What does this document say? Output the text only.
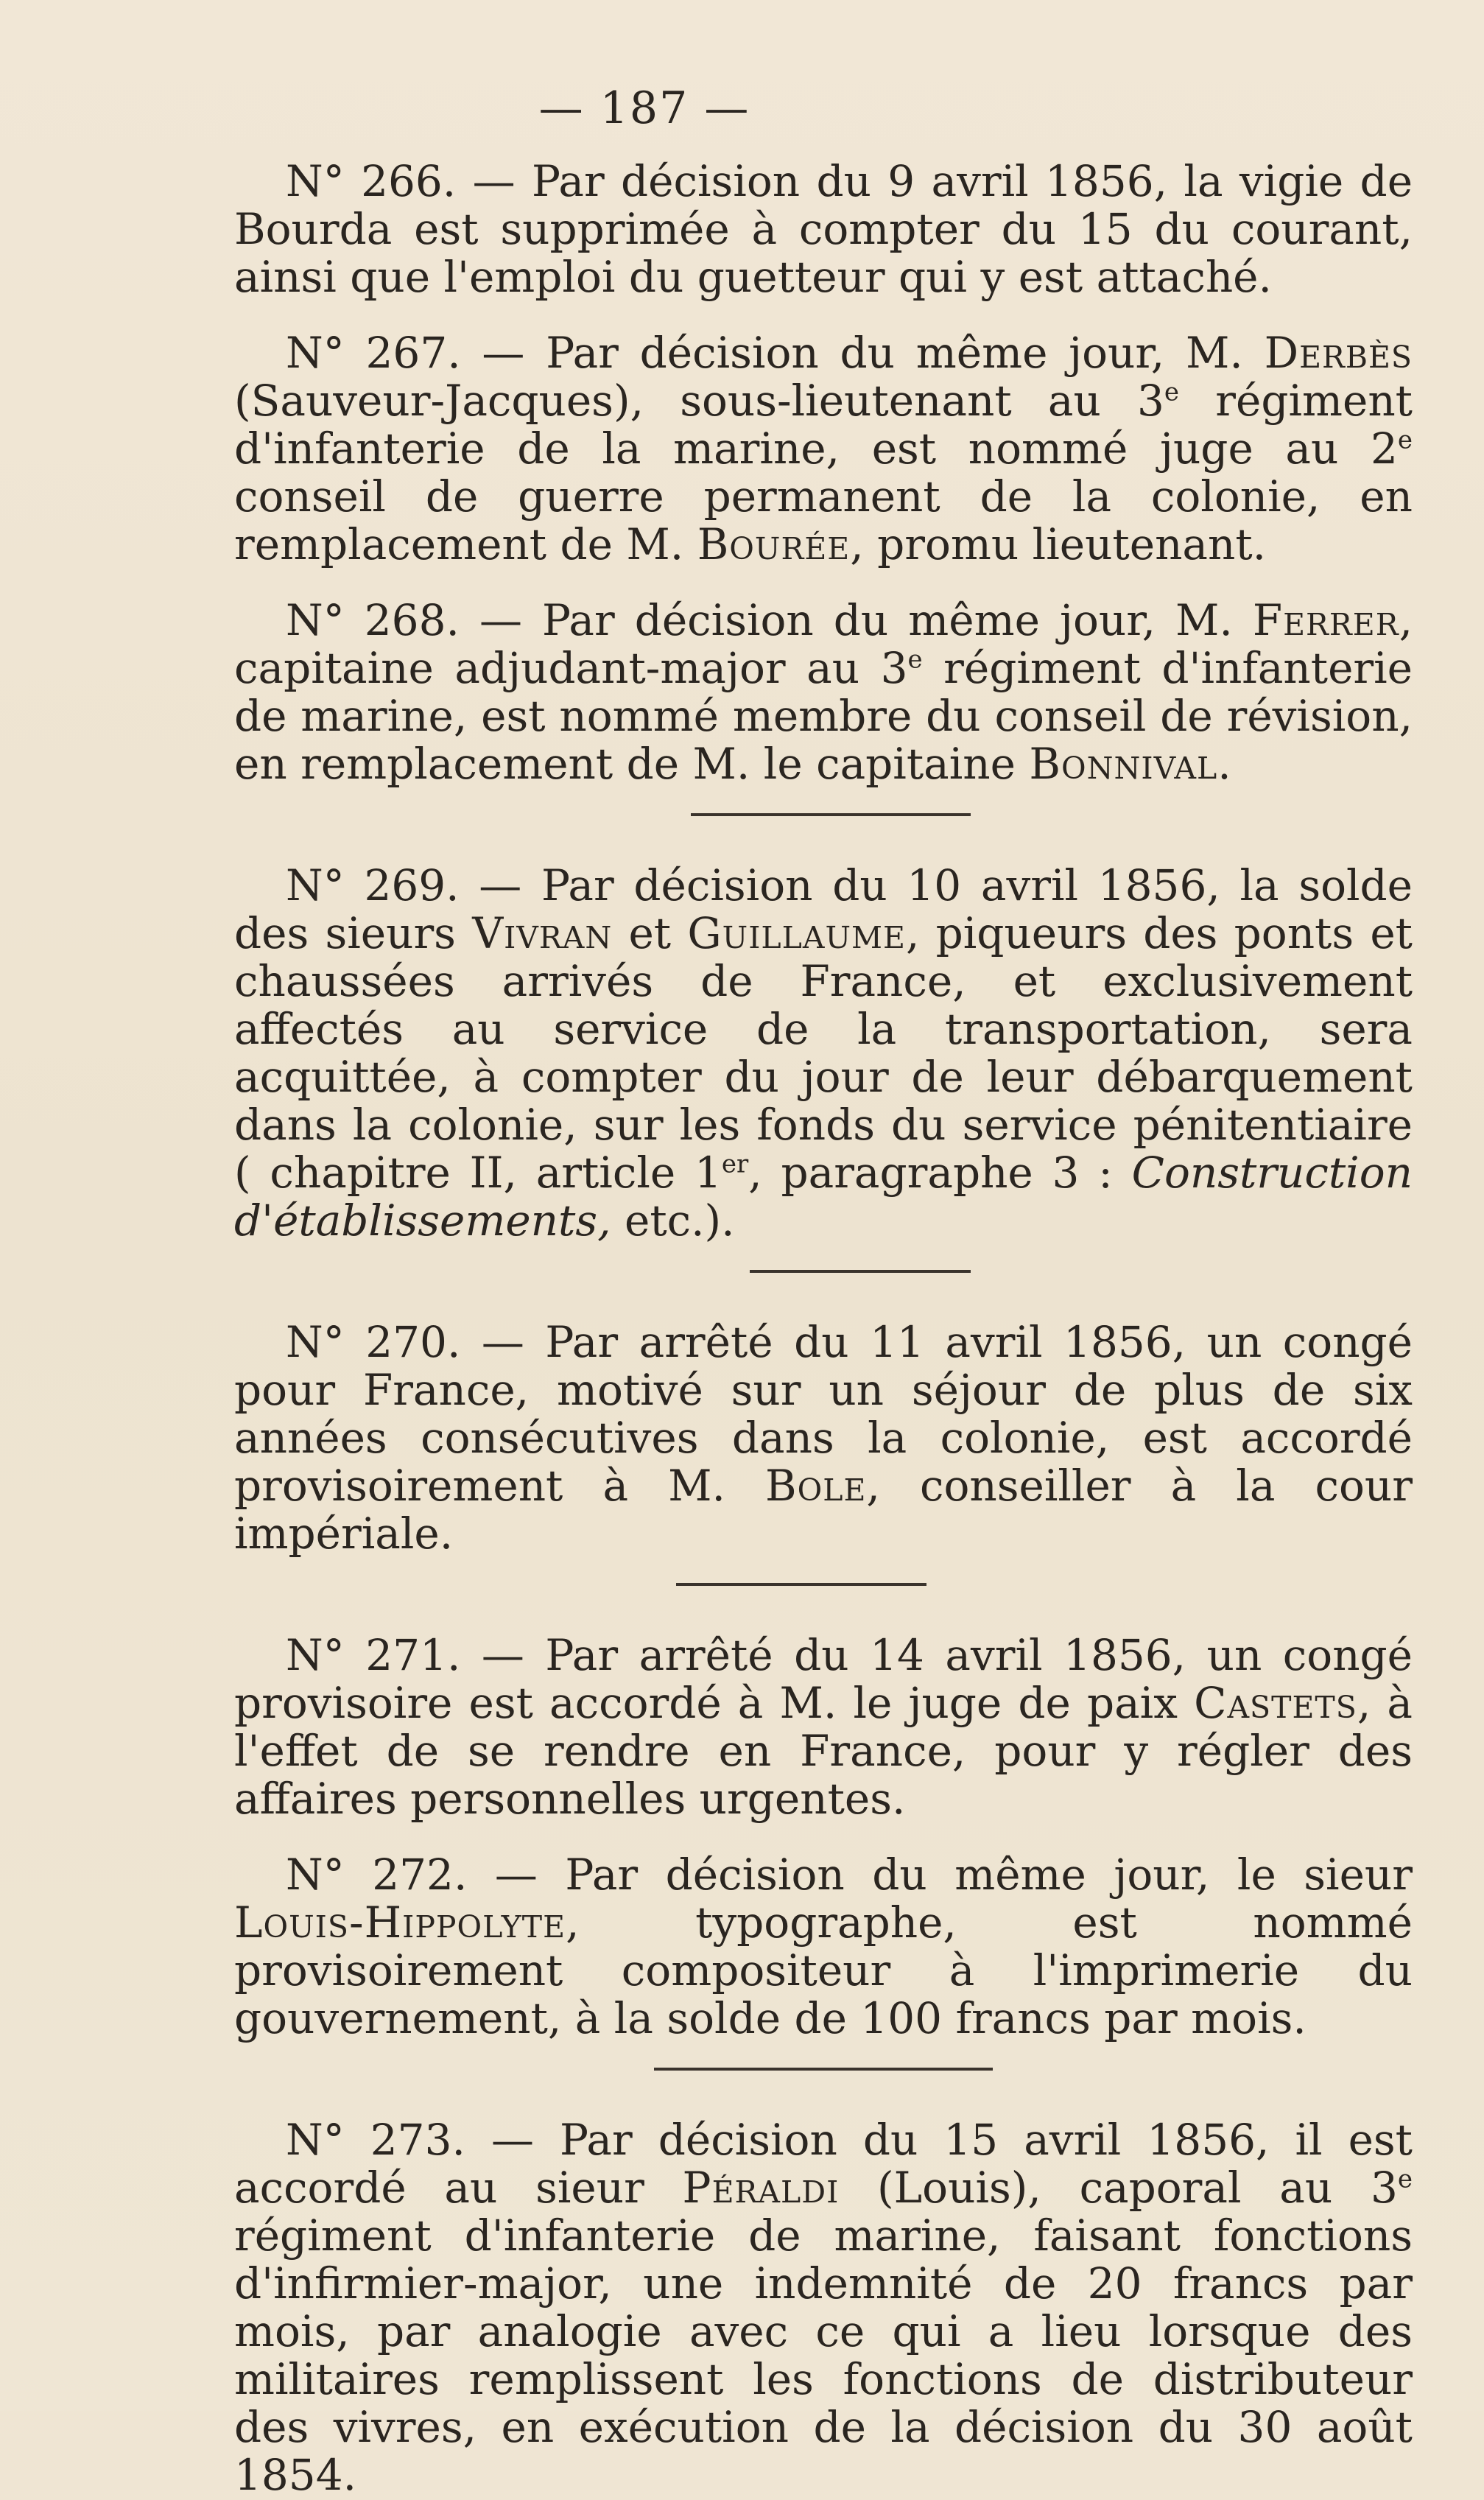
— 187 —

N° 266. — Par décision du 9 avril 1856, la vigie de Bourda est supprimée à compter du 15 du courant, ainsi que l'emploi du guetteur qui y est attaché.

N° 267. — Par décision du même jour, M. Derbès (Sauveur-Jacques), sous-lieutenant au 3e régiment d'infanterie de la marine, est nommé juge au 2e conseil de guerre permanent de la colonie, en remplacement de M. Bourée, promu lieutenant.

N° 268. — Par décision du même jour, M. Ferrer, capitaine adjudant-major au 3e régiment d'infanterie de marine, est nommé membre du conseil de révision, en remplacement de M. le capitaine Bonnival.

N° 269. — Par décision du 10 avril 1856, la solde des sieurs Vivran et Guillaume, piqueurs des ponts et chaussées arrivés de France, et exclusivement affectés au service de la transportation, sera acquittée, à compter du jour de leur débarquement dans la colonie, sur les fonds du service pénitentiaire ( chapitre II, article 1er, paragraphe 3 : Construction d'établissements, etc.).

N° 270. — Par arrêté du 11 avril 1856, un congé pour France, motivé sur un séjour de plus de six années consécutives dans la colonie, est accordé provisoirement à M. Bole, conseiller à la cour impériale.

N° 271. — Par arrêté du 14 avril 1856, un congé provisoire est accordé à M. le juge de paix Castets, à l'effet de se rendre en France, pour y régler des affaires personnelles urgentes.

N° 272. — Par décision du même jour, le sieur Louis-Hippolyte, typographe, est nommé provisoirement compositeur à l'imprimerie du gouvernement, à la solde de 100 francs par mois.

N° 273. — Par décision du 15 avril 1856, il est accordé au sieur Péraldi (Louis), caporal au 3e régiment d'infanterie de marine, faisant fonctions d'infirmier-major, une indemnité de 20 francs par mois, par analogie avec ce qui a lieu lorsque des militaires remplissent les fonctions de distributeur des vivres, en exécution de la décision du 30 août 1854.
